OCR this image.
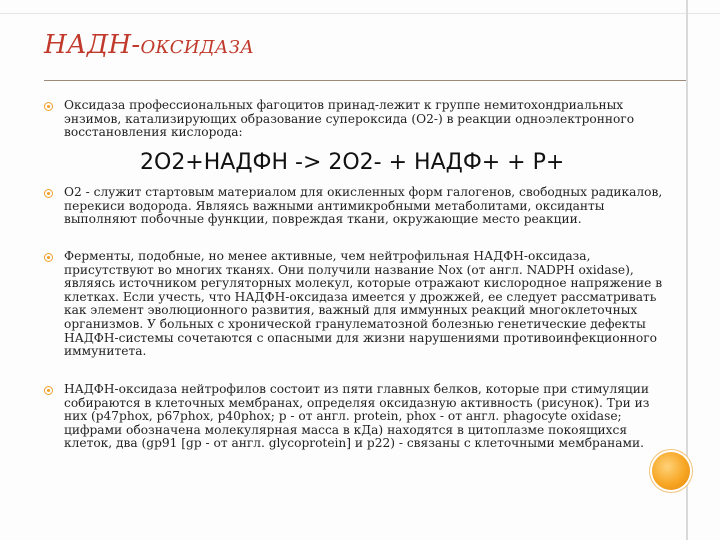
НАДН-ОКСИДАЗА
Оксидаза профессиональных фагоцитов принад-лежит к группе немитохондриальных энзимов, катализирующих образование супероксида (O2-) в реакции одноэлектронного восстановления кислорода:
2O2+НАДФН -> 2O2- + НАДФ+ + Р+
O2 - служит стартовым материалом для окисленных форм галогенов, свободных радикалов, перекиси водорода. Являясь важными антимикробными метаболитами, оксиданты выполняют побочные функции, повреждая ткани, окружающие место реакции.
Ферменты, подобные, но менее активные, чем нейтрофильная НАДФН-оксидаза, присутствуют во многих тканях. Они получили название Nox (от англ. NADPH oxidase), являясь источником регуляторных молекул, которые отражают кислородное напряжение в клетках. Если учесть, что НАДФН-оксидаза имеется у дрожжей, ее следует рассматривать как элемент эволюционного развития, важный для иммунных реакций многоклеточных организмов. У больных с хронической гранулематозной болезнью генетические дефекты НАДФН-системы сочетаются с опасными для жизни нарушениями противоинфекционного иммунитета.
НАДФН-оксидаза нейтрофилов состоит из пяти главных белков, которые при стимуляции собираются в клеточных мембранах, определяя оксидазную активность (рисунок). Три из них (p47phox, p67phox, p40phox; p - от англ. protein, phox - от англ. phagocyte oxidase; цифрами обозначена молекулярная масса в кДа) находятся в цитоплазме покоящихся клеток, два (gp91 [gp - от англ. glycoprotein] и p22) - связаны с клеточными мембранами.
